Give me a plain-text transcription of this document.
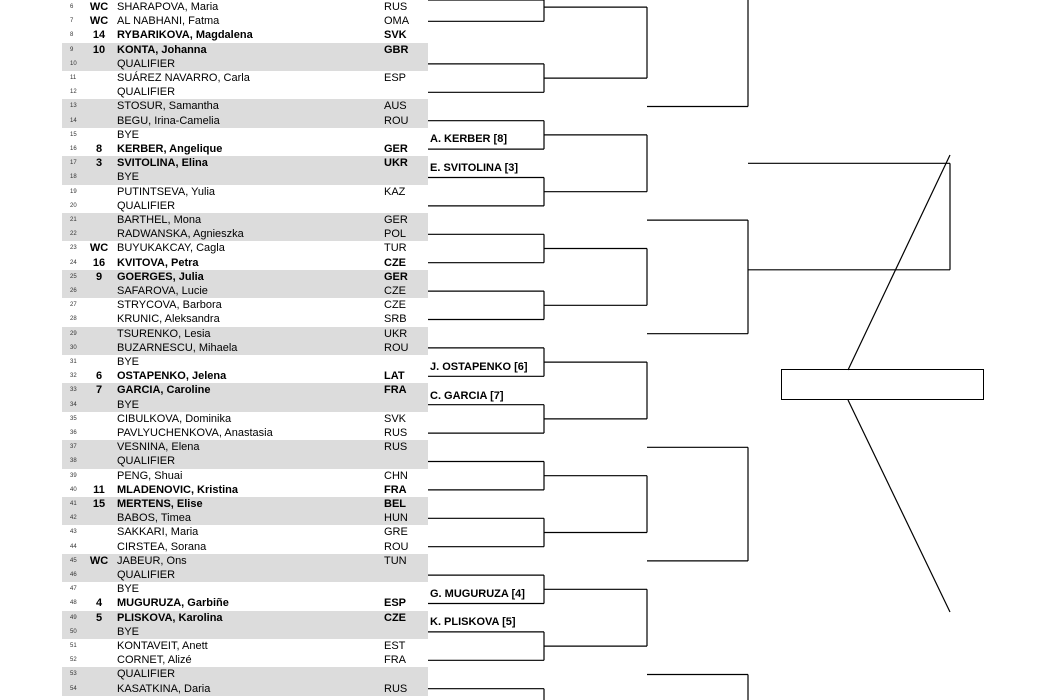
6	WC SHARAPOVA, Maria	RUS
7	WC AL NABHANI, Fatma	OMA
8	14	RYBARIKOVA, Magdalena	SVK
9	10	KONTA, Johanna	GBR
10	QUALIFIER
11	SUÁREZ NAVARRO, Carla	ESP
12	QUALIFIER
13	STOSUR, Samantha	AUS
14	BEGU, Irina-Camelia	ROU
15	BYE
16	8	KERBER, Angelique	GER
17	3	SVITOLINA, Elina	UKR
18	BYE
19	PUTINTSEVA, Yulia	KAZ
20	QUALIFIER
21	BARTHEL, Mona	GER
22	RADWANSKA, Agnieszka	POL
23	WC BUYUKAKCAY, Cagla	TUR
24	16	KVITOVA, Petra	CZE
25	9	GOERGES, Julia	GER
26	SAFAROVA, Lucie	CZE
27	STRYCOVA, Barbora	CZE
28	KRUNIC, Aleksandra	SRB
29	TSURENKO, Lesia	UKR
30	BUZARNESCU, Mihaela	ROU
31	BYE
32	6	OSTAPENKO, Jelena	LAT
33	7	GARCIA, Caroline	FRA
34	BYE
35	CIBULKOVA, Dominika	SVK
36	PAVLYUCHENKOVA, Anastasia	RUS
37	VESNINA, Elena	RUS
38	QUALIFIER
39	PENG, Shuai	CHN
40	11	MLADENOVIC, Kristina	FRA
41	15	MERTENS, Elise	BEL
42	BABOS, Timea	HUN
43	SAKKARI, Maria	GRE
44	CIRSTEA, Sorana	ROU
45	WC JABEUR, Ons	TUN
46	QUALIFIER
47	BYE
48	4	MUGURUZA, Garbiñe	ESP
49	5	PLISKOVA, Karolina	CZE
50	BYE
51	KONTAVEIT, Anett	EST
52	CORNET, Alizé	FRA
53	QUALIFIER
54	KASATKINA, Daria	RUS
A. KERBER [8]
E. SVITOLINA [3]
J. OSTAPENKO [6]
C. GARCIA [7]
G. MUGURUZA [4]
K. PLISKOVA [5]
